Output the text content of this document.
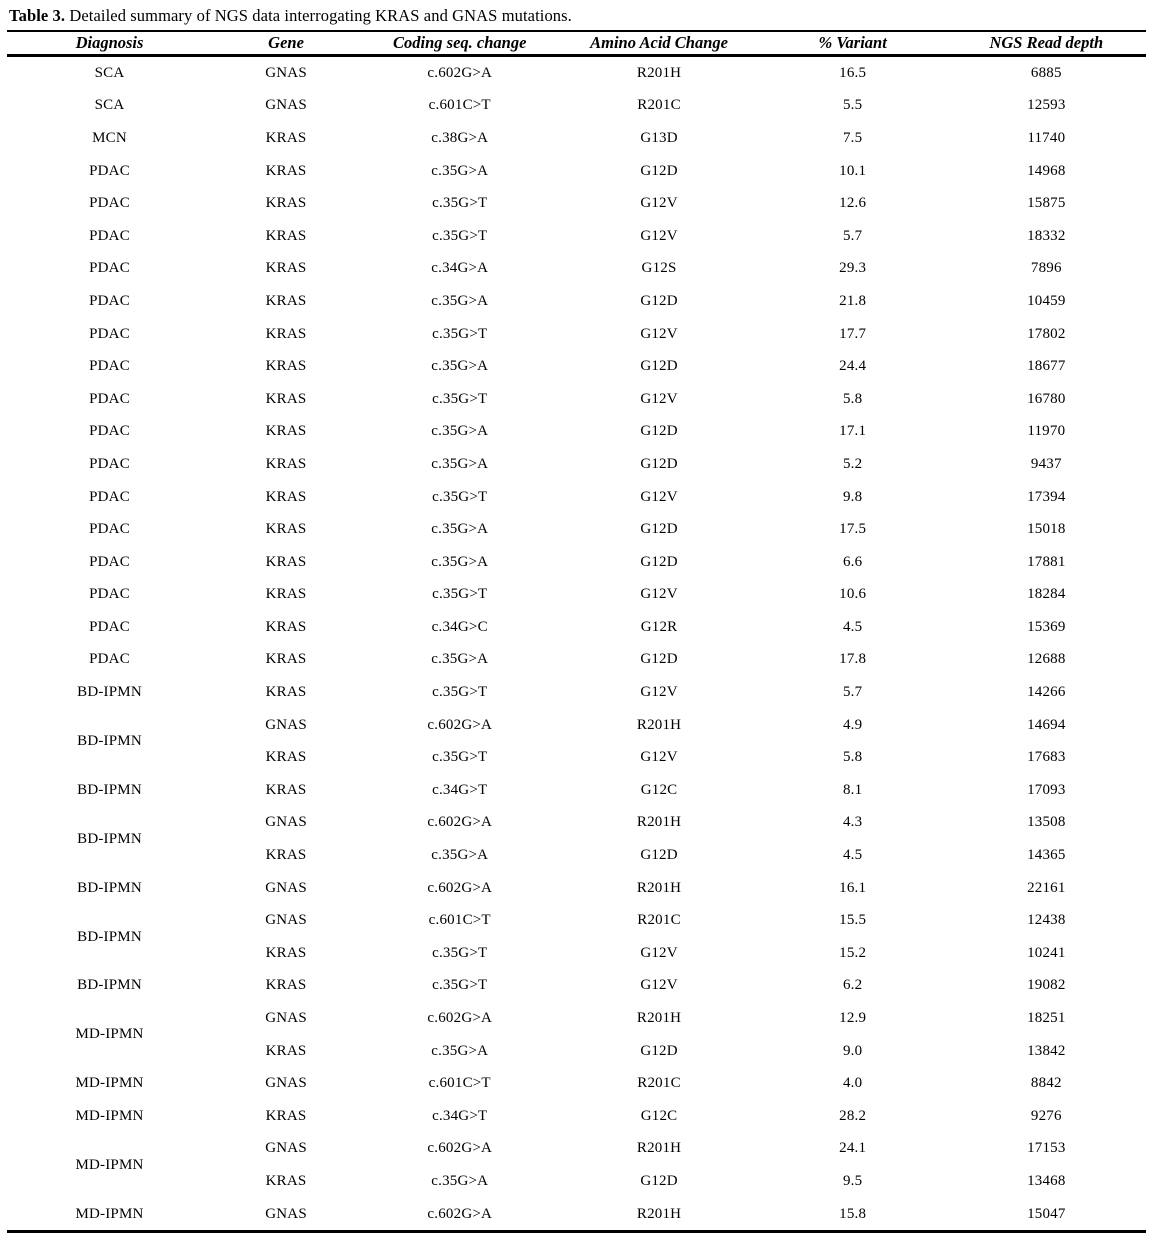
Table 3. Detailed summary of NGS data interrogating KRAS and GNAS mutations.
Diagnosis	Gene	Coding seq. change	Amino Acid Change	% Variant	NGS Read depth
SCA	GNAS	c.602G>A	R201H	16.5	6885
SCA	GNAS	c.601C>T	R201C	5.5	12593
MCN	KRAS	c.38G>A	G13D	7.5	11740
PDAC	KRAS	c.35G>A	G12D	10.1	14968
PDAC	KRAS	c.35G>T	G12V	12.6	15875
PDAC	KRAS	c.35G>T	G12V	5.7	18332
PDAC	KRAS	c.34G>A	G12S	29.3	7896
PDAC	KRAS	c.35G>A	G12D	21.8	10459
PDAC	KRAS	c.35G>T	G12V	17.7	17802
PDAC	KRAS	c.35G>A	G12D	24.4	18677
PDAC	KRAS	c.35G>T	G12V	5.8	16780
PDAC	KRAS	c.35G>A	G12D	17.1	11970
PDAC	KRAS	c.35G>A	G12D	5.2	9437
PDAC	KRAS	c.35G>T	G12V	9.8	17394
PDAC	KRAS	c.35G>A	G12D	17.5	15018
PDAC	KRAS	c.35G>A	G12D	6.6	17881
PDAC	KRAS	c.35G>T	G12V	10.6	18284
PDAC	KRAS	c.34G>C	G12R	4.5	15369
PDAC	KRAS	c.35G>A	G12D	17.8	12688
BD-IPMN	KRAS	c.35G>T	G12V	5.7	14266
BD-IPMN	GNAS	c.602G>A	R201H	4.9	14694
	KRAS	c.35G>T	G12V	5.8	17683
BD-IPMN	KRAS	c.34G>T	G12C	8.1	17093
BD-IPMN	GNAS	c.602G>A	R201H	4.3	13508
	KRAS	c.35G>A	G12D	4.5	14365
BD-IPMN	GNAS	c.602G>A	R201H	16.1	22161
BD-IPMN	GNAS	c.601C>T	R201C	15.5	12438
	KRAS	c.35G>T	G12V	15.2	10241
BD-IPMN	KRAS	c.35G>T	G12V	6.2	19082
MD-IPMN	GNAS	c.602G>A	R201H	12.9	18251
	KRAS	c.35G>A	G12D	9.0	13842
MD-IPMN	GNAS	c.601C>T	R201C	4.0	8842
MD-IPMN	KRAS	c.34G>T	G12C	28.2	9276
MD-IPMN	GNAS	c.602G>A	R201H	24.1	17153
	KRAS	c.35G>A	G12D	9.5	13468
MD-IPMN	GNAS	c.602G>A	R201H	15.8	15047
